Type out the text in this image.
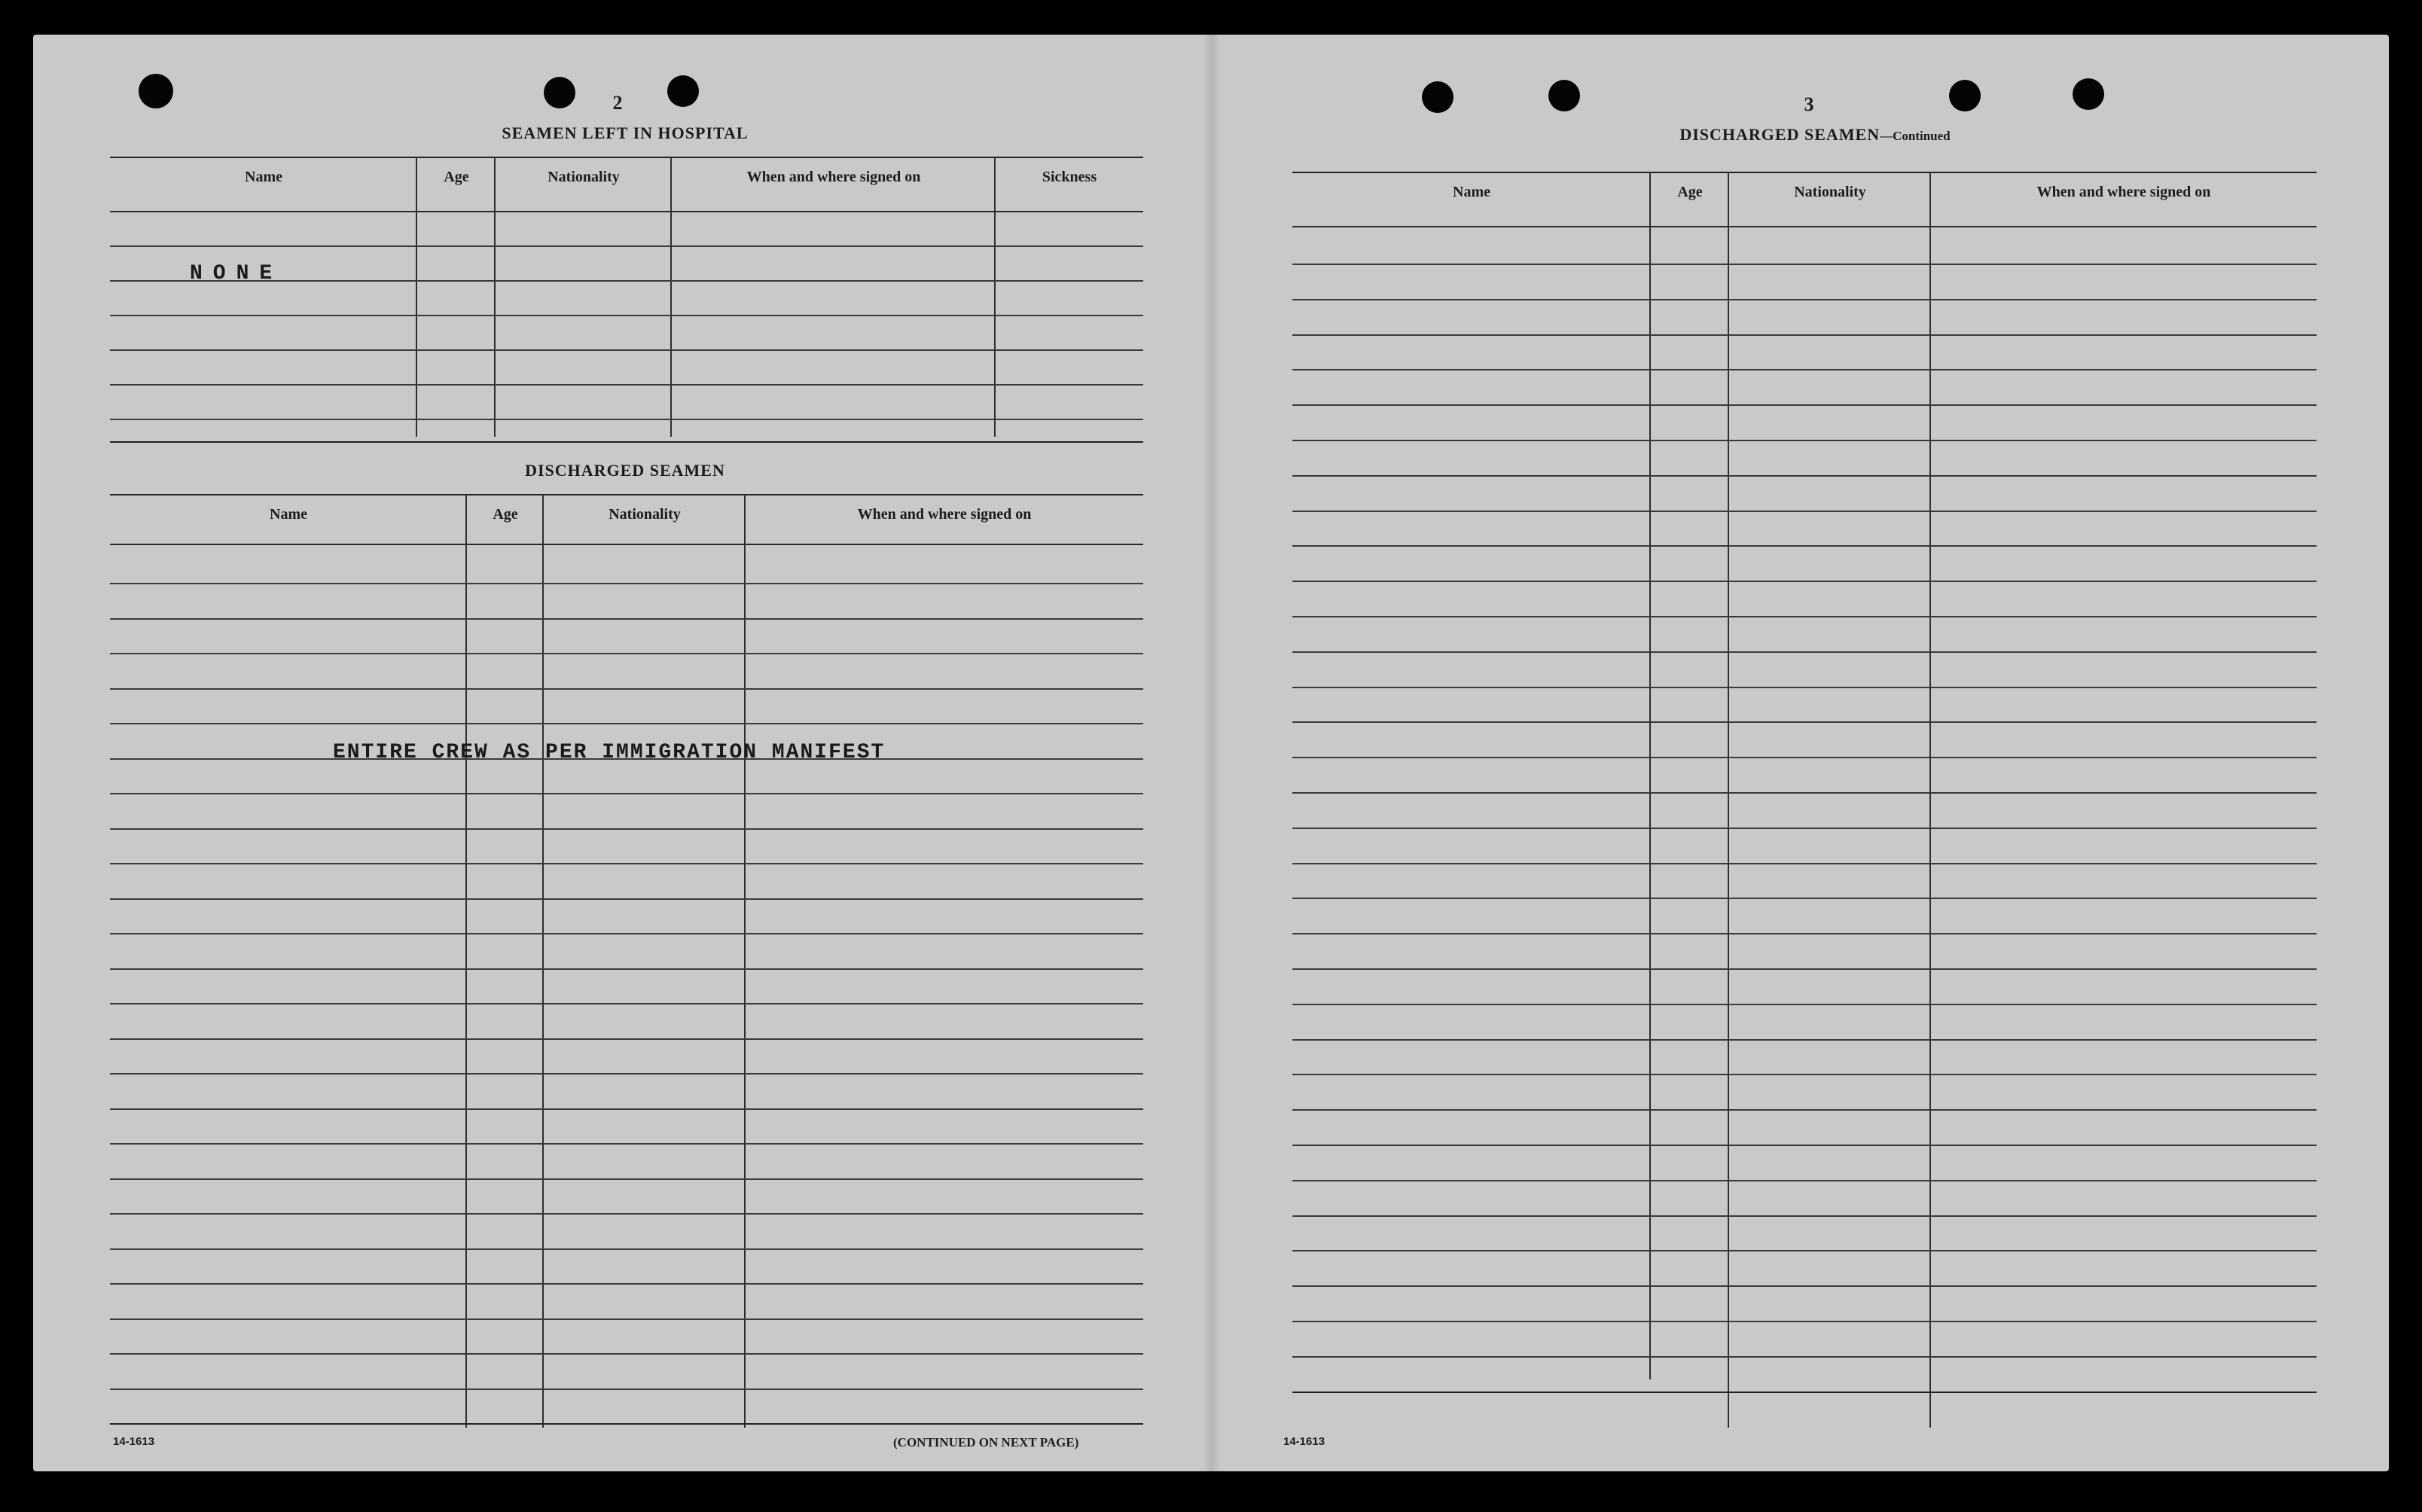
2
SEAMEN LEFT IN HOSPITAL
Name	Age	Nationality	When and where signed on	Sickness
NONE
DISCHARGED SEAMEN
Name	Age	Nationality	When and where signed on
ENTIRE CREW AS PER IMMIGRATION MANIFEST
14-1613	(CONTINUED ON NEXT PAGE)
3
DISCHARGED SEAMEN—Continued
Name	Age	Nationality	When and where signed on
14-1613
